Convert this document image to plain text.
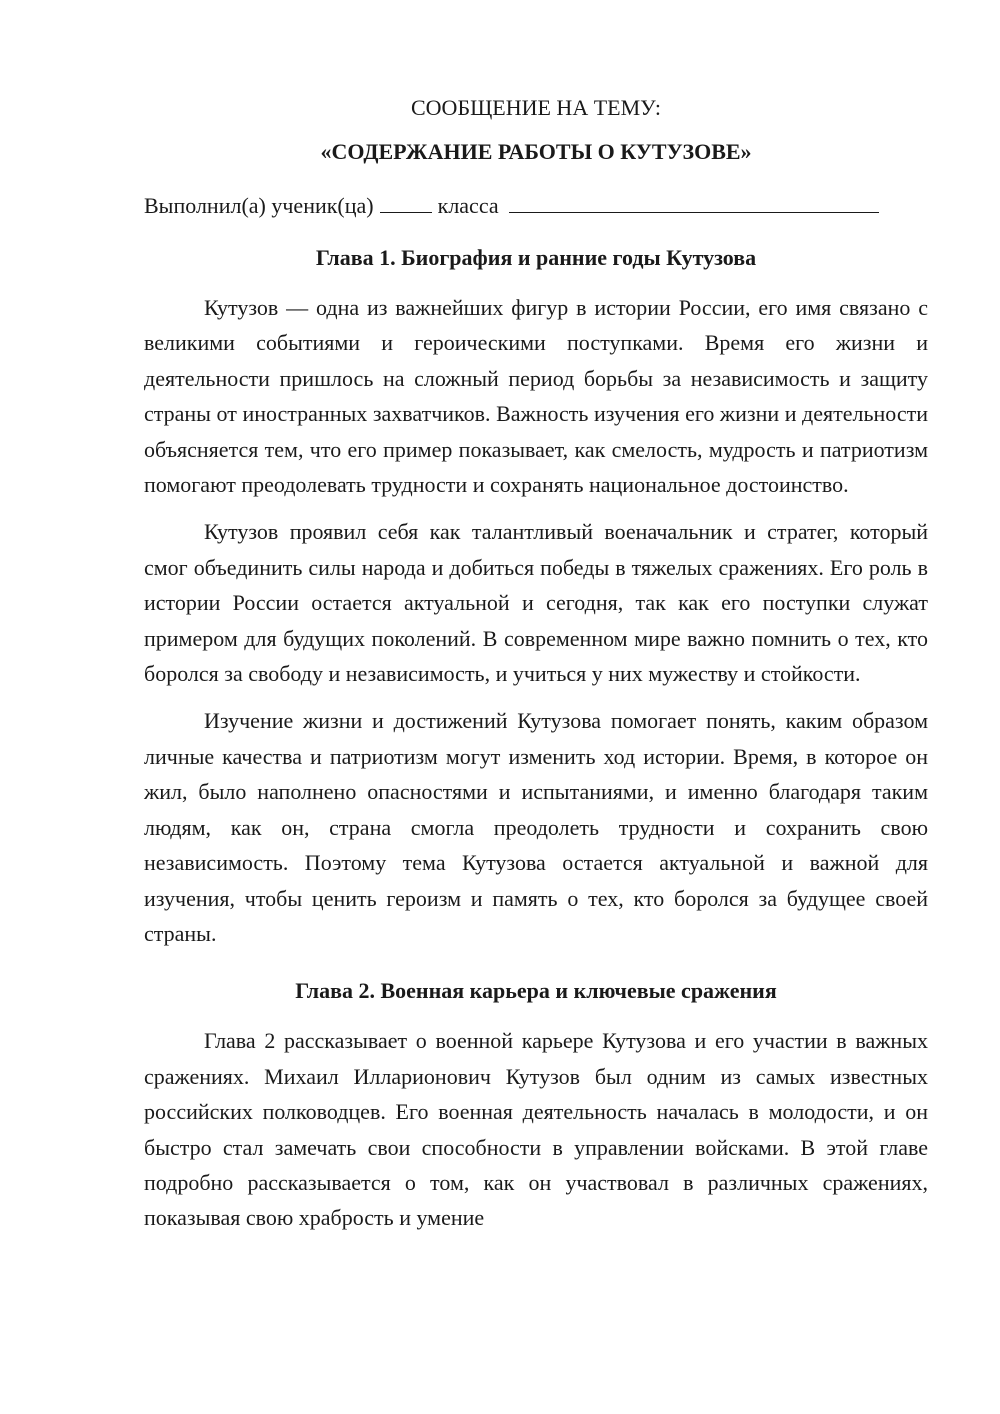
СООБЩЕНИЕ НА ТЕМУ:

«СОДЕРЖАНИЕ РАБОТЫ О КУТУЗОВЕ»

Выполнил(а) ученик(ца)	класса

Глава 1. Биография и ранние годы Кутузова

Кутузов — одна из важнейших фигур в истории России, его имя связано с великими событиями и героическими поступками. Время его жизни и деятельности пришлось на сложный период борьбы за независимость и защиту страны от иностранных захватчиков. Важность изучения его жизни и деятельности объясняется тем, что его пример показывает, как смелость, мудрость и патриотизм помогают преодолевать трудности и сохранять национальное достоинство.

Кутузов проявил себя как талантливый военачальник и стратег, который смог объединить силы народа и добиться победы в тяжелых сражениях. Его роль в истории России остается актуальной и сегодня, так как его поступки служат примером для будущих поколений. В современном мире важно помнить о тех, кто боролся за свободу и независимость, и учиться у них мужеству и стойкости.

Изучение жизни и достижений Кутузова помогает понять, каким образом личные качества и патриотизм могут изменить ход истории. Время, в которое он жил, было наполнено опасностями и испытаниями, и именно благодаря таким людям, как он, страна смогла преодолеть трудности и сохранить свою независимость. Поэтому тема Кутузова остается актуальной и важной для изучения, чтобы ценить героизм и память о тех, кто боролся за будущее своей страны.

Глава 2. Военная карьера и ключевые сражения

Глава 2 рассказывает о военной карьере Кутузова и его участии в важных сражениях. Михаил Илларионович Кутузов был одним из самых известных российских полководцев. Его военная деятельность началась в молодости, и он быстро стал замечать свои способности в управлении войсками. В этой главе подробно рассказывается о том, как он участвовал в различных сражениях, показывая свою храбрость и умение
